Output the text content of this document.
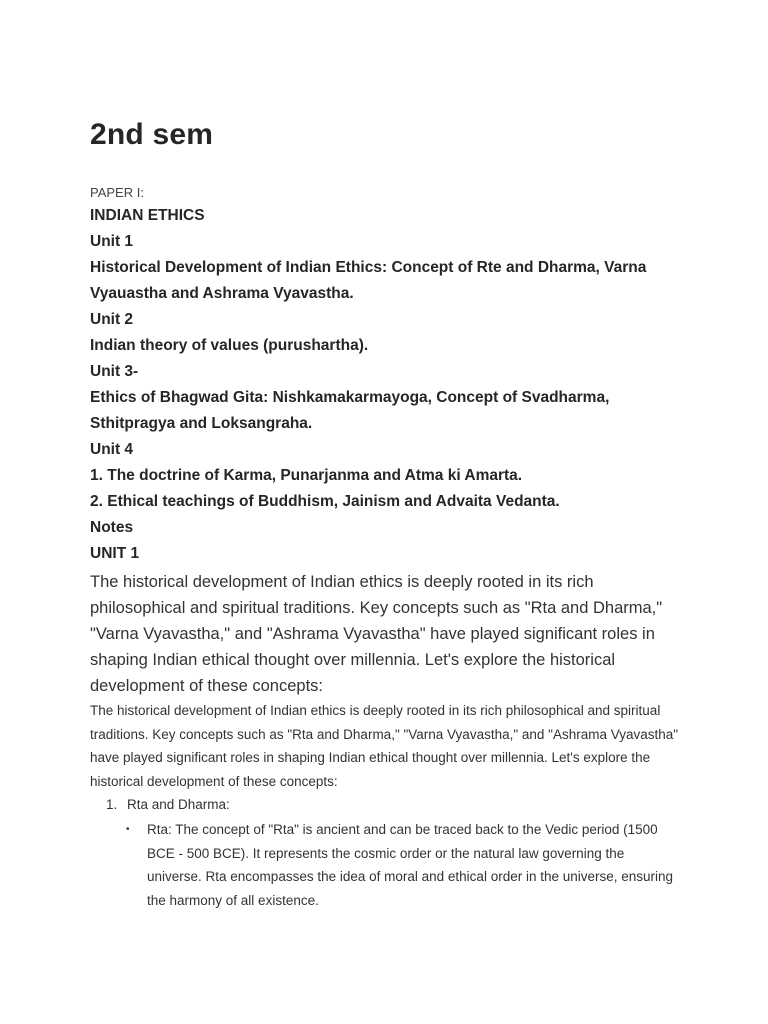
2nd sem

PAPER I:

INDIAN ETHICS

Unit 1

Historical Development of Indian Ethics: Concept of Rte and Dharma, Varna Vyauastha and Ashrama Vyavastha.

Unit 2

Indian theory of values (purushartha).

Unit 3-

Ethics of Bhagwad Gita: Nishkamakarmayoga, Concept of Svadharma, Sthitpragya and Loksangraha.

Unit 4

1. The doctrine of Karma, Punarjanma and Atma ki Amarta.

2. Ethical teachings of Buddhism, Jainism and Advaita Vedanta.

Notes

UNIT 1

The historical development of Indian ethics is deeply rooted in its rich philosophical and spiritual traditions. Key concepts such as "Rta and Dharma," "Varna Vyavastha," and "Ashrama Vyavastha" have played significant roles in shaping Indian ethical thought over millennia. Let's explore the historical development of these concepts:

The historical development of Indian ethics is deeply rooted in its rich philosophical and spiritual traditions. Key concepts such as "Rta and Dharma," "Varna Vyavastha," and "Ashrama Vyavastha" have played significant roles in shaping Indian ethical thought over millennia. Let's explore the historical development of these concepts:

1. Rta and Dharma:
• Rta: The concept of "Rta" is ancient and can be traced back to the Vedic period (1500 BCE - 500 BCE). It represents the cosmic order or the natural law governing the universe. Rta encompasses the idea of moral and ethical order in the universe, ensuring the harmony of all existence.
